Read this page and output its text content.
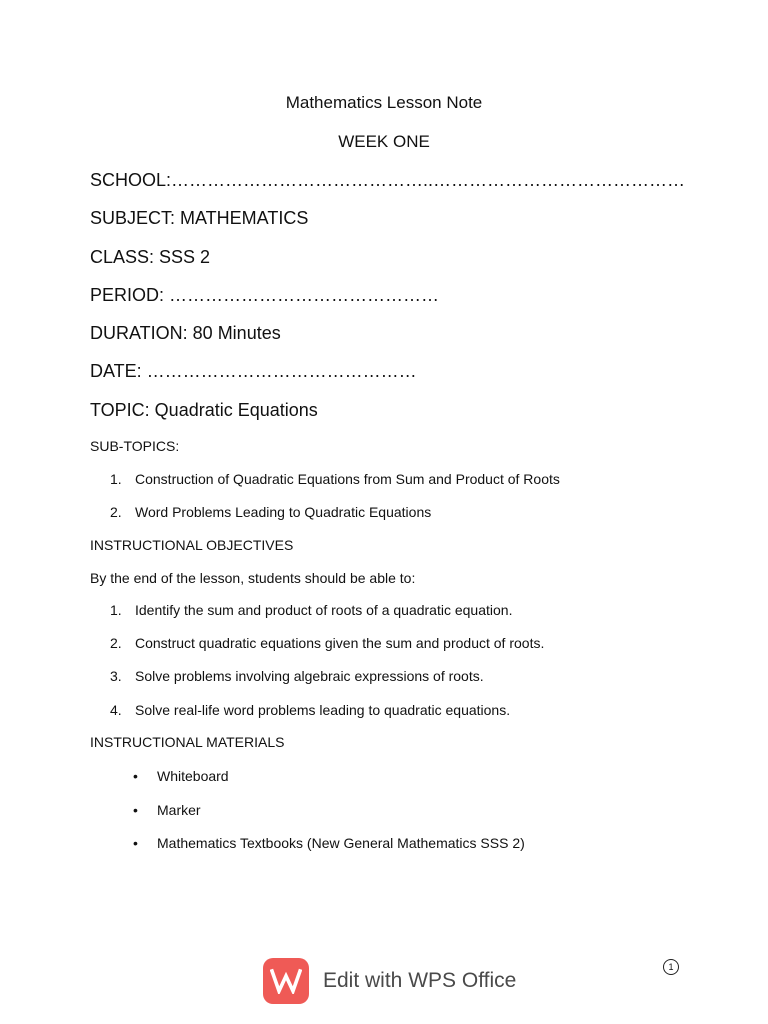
Mathematics Lesson Note
WEEK ONE
SCHOOL:……………………………………..……………………………………
SUBJECT: MATHEMATICS
CLASS: SSS 2
PERIOD: ………………………………………
DURATION: 80 Minutes
DATE: ………………………………………
TOPIC: Quadratic Equations
SUB-TOPICS:
1. Construction of Quadratic Equations from Sum and Product of Roots
2. Word Problems Leading to Quadratic Equations
INSTRUCTIONAL OBJECTIVES
By the end of the lesson, students should be able to:
1. Identify the sum and product of roots of a quadratic equation.
2. Construct quadratic equations given the sum and product of roots.
3. Solve problems involving algebraic expressions of roots.
4. Solve real-life word problems leading to quadratic equations.
INSTRUCTIONAL MATERIALS
• Whiteboard
• Marker
• Mathematics Textbooks (New General Mathematics SSS 2)
Edit with WPS Office
1
